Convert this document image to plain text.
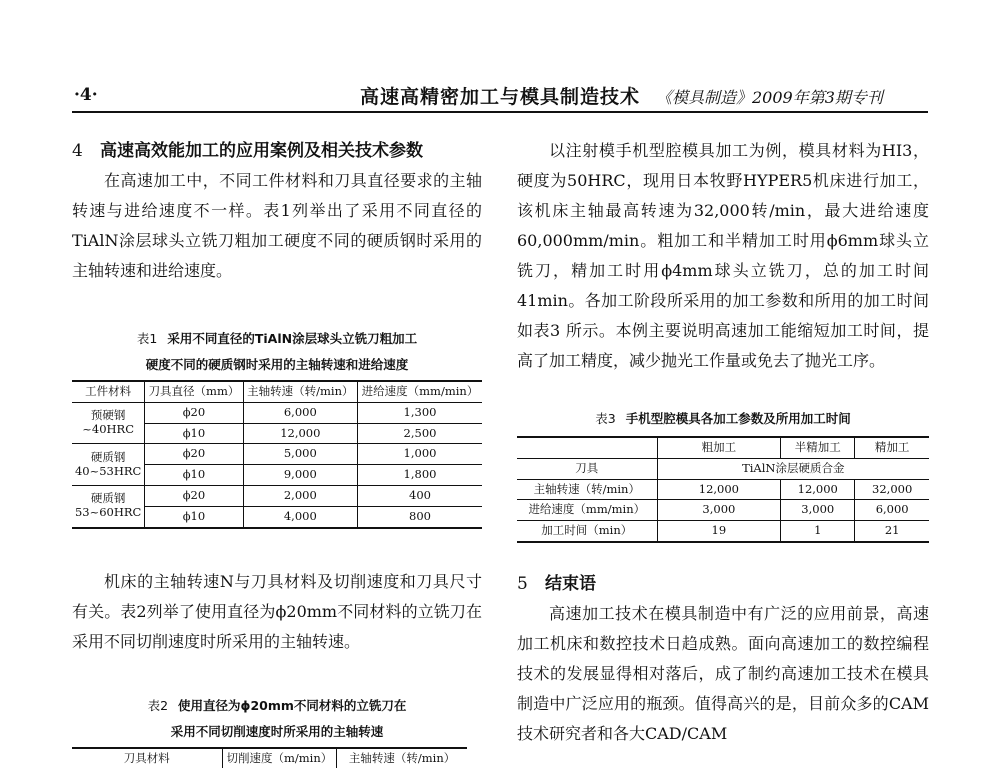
·4·	高速高精密加工与模具制造技术 《模具制造》2009年第3期专刊
4 高速高效能加工的应用案例及相关技术参数

在高速加工中，不同工件材料和刀具直径要求的主轴转速与进给速度不一样。表1列举出了采用不同直径的TiAlN涂层球头立铣刀粗加工硬度不同的硬质钢时采用的主轴转速和进给速度。

表1 采用不同直径的TiAlN涂层球头立铣刀粗加工

硬度不同的硬质钢时采用的主轴转速和进给速度

工件材料	刀具直径（mm）	主轴转速（转/min）	进给速度（mm/min）

预硬钢
~40HRC	ϕ20	6,000	1,300
	ϕ10	12,000	2,500

硬质钢
40~53HRC	ϕ20	5,000	1,000
	ϕ10	9,000	1,800

硬质钢
53~60HRC	ϕ20	2,000	400
	ϕ10	4,000	800

机床的主轴转速N与刀具材料及切削速度和刀具尺寸有关。表2列举了使用直径为ϕ20mm不同材料的立铣刀在采用不同切削速度时所采用的主轴转速。

表2 使用直径为ϕ20mm不同材料的立铣刀在

采用不同切削速度时所采用的主轴转速

刀具材料	切削速度（m/min）	主轴转速（转/min）

以注射模手机型腔模具加工为例，模具材料为HI3，硬度为50HRC，现用日本牧野HYPER5机床进行加工，该机床主轴最高转速为32,000转/min，最大进给速度60,000mm/min。粗加工和半精加工时用ϕ6mm球头立铣刀，精加工时用ϕ4mm球头立铣刀，总的加工时间41min。各加工阶段所采用的加工参数和所用的加工时间如表3 所示。本例主要说明高速加工能缩短加工时间，提高了加工精度，减少抛光工作量或免去了抛光工序。

表3 手机型腔模具各加工参数及所用加工时间

	粗加工	半精加工	精加工
刀具	TiAlN涂层硬质合金		
主轴转速（转/min）	12,000	12,000	32,000
进给速度（mm/min）	3,000	3,000	6,000
加工时间（min）	19	1	21
5 结束语

高速加工技术在模具制造中有广泛的应用前景，高速加工机床和数控技术日趋成熟。面向高速加工的数控编程技术的发展显得相对落后，成了制约高速加工技术在模具制造中广泛应用的瓶颈。值得高兴的是，目前众多的CAM技术研究者和各大CAD/CAM
